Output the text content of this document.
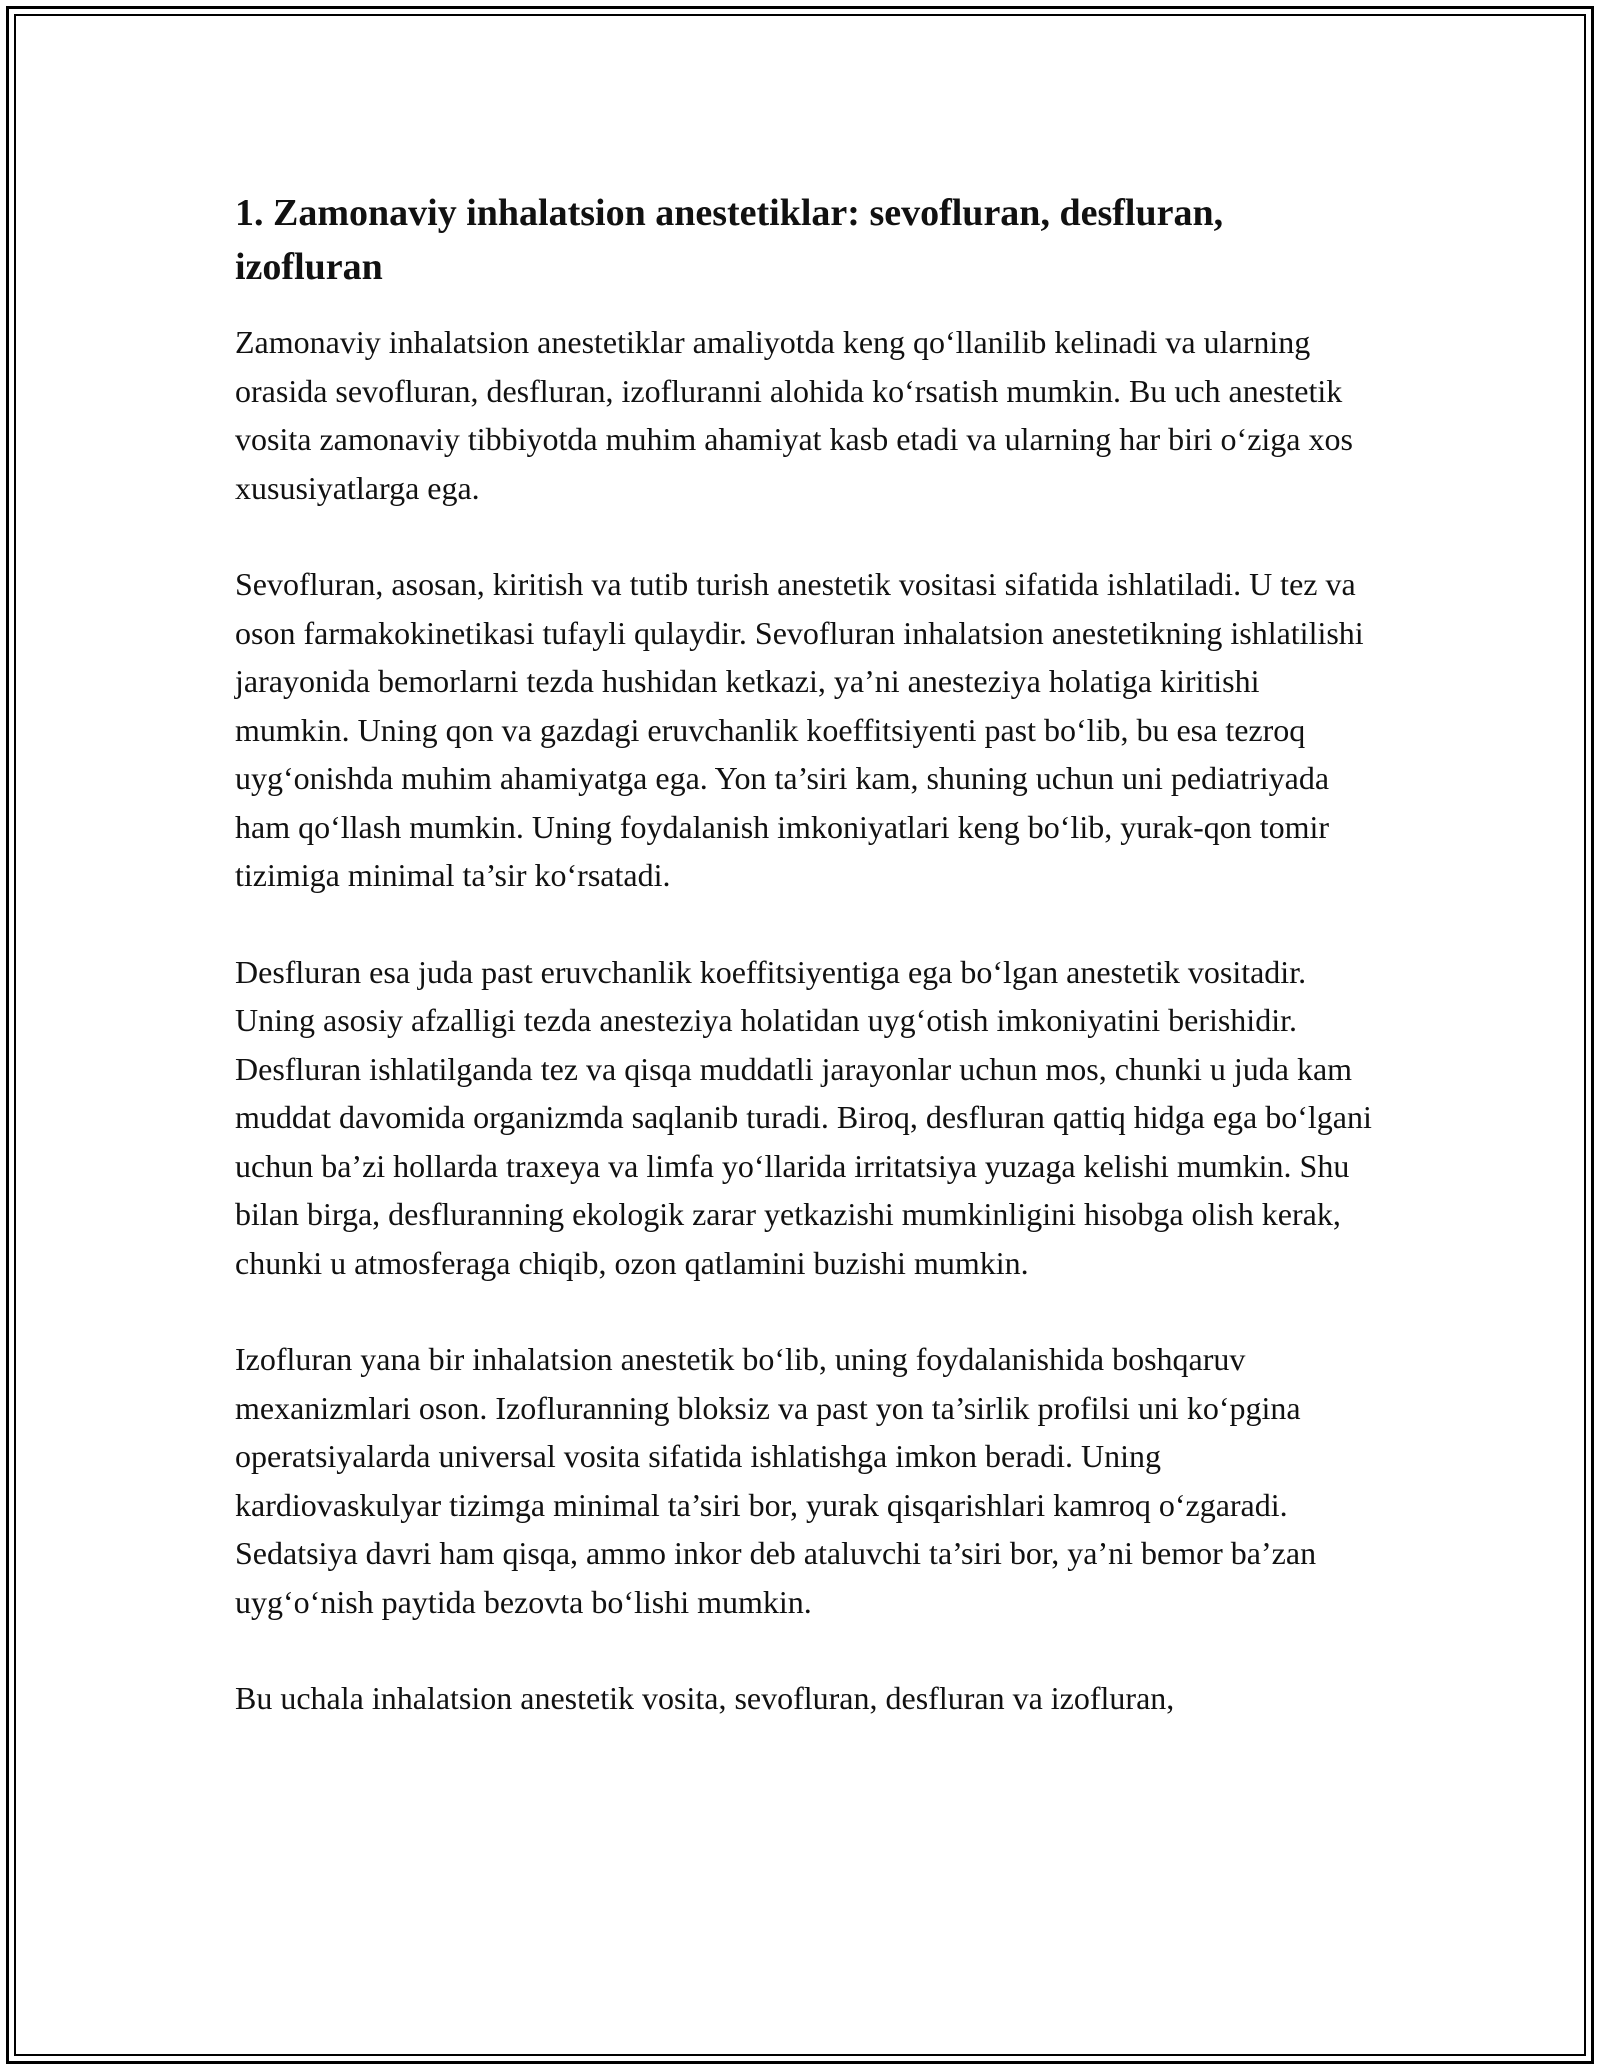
1. Zamonaviy inhalatsion anestetiklar: sevofluran, desfluran, izofluran

Zamonaviy inhalatsion anestetiklar amaliyotda keng qo‘llanilib kelinadi va ularning orasida sevofluran, desfluran, izofluranni alohida ko‘rsatish mumkin. Bu uch anestetik vosita zamonaviy tibbiyotda muhim ahamiyat kasb etadi va ularning har biri o‘ziga xos xususiyatlarga ega.

Sevofluran, asosan, kiritish va tutib turish anestetik vositasi sifatida ishlatiladi. U tez va oson farmakokinetikasi tufayli qulaydir. Sevofluran inhalatsion anestetikning ishlatilishi jarayonida bemorlarni tezda hushidan ketkazi, ya’ni anesteziya holatiga kiritishi mumkin. Uning qon va gazdagi eruvchanlik koeffitsiyenti past bo‘lib, bu esa tezroq uyg‘onishda muhim ahamiyatga ega. Yon ta’siri kam, shuning uchun uni pediatriyada ham qo‘llash mumkin. Uning foydalanish imkoniyatlari keng bo‘lib, yurak-qon tomir tizimiga minimal ta’sir ko‘rsatadi.

Desfluran esa juda past eruvchanlik koeffitsiyentiga ega bo‘lgan anestetik vositadir. Uning asosiy afzalligi tezda anesteziya holatidan uyg‘otish imkoniyatini berishidir. Desfluran ishlatilganda tez va qisqa muddatli jarayonlar uchun mos, chunki u juda kam muddat davomida organizmda saqlanib turadi. Biroq, desfluran qattiq hidga ega bo‘lgani uchun ba’zi hollarda traxeya va limfa yo‘llarida irritatsiya yuzaga kelishi mumkin. Shu bilan birga, desfluranning ekologik zarar yetkazishi mumkinligini hisobga olish kerak, chunki u atmosferaga chiqib, ozon qatlamini buzishi mumkin.

Izofluran yana bir inhalatsion anestetik bo‘lib, uning foydalanishida boshqaruv mexanizmlari oson. Izofluranning bloksiz va past yon ta’sirlik profilsi uni ko‘pgina operatsiyalarda universal vosita sifatida ishlatishga imkon beradi. Uning kardiovaskulyar tizimga minimal ta’siri bor, yurak qisqarishlari kamroq o‘zgaradi. Sedatsiya davri ham qisqa, ammo inkor deb ataluvchi ta’siri bor, ya’ni bemor ba’zan uyg‘o‘nish paytida bezovta bo‘lishi mumkin.

Bu uchala inhalatsion anestetik vosita, sevofluran, desfluran va izofluran,
